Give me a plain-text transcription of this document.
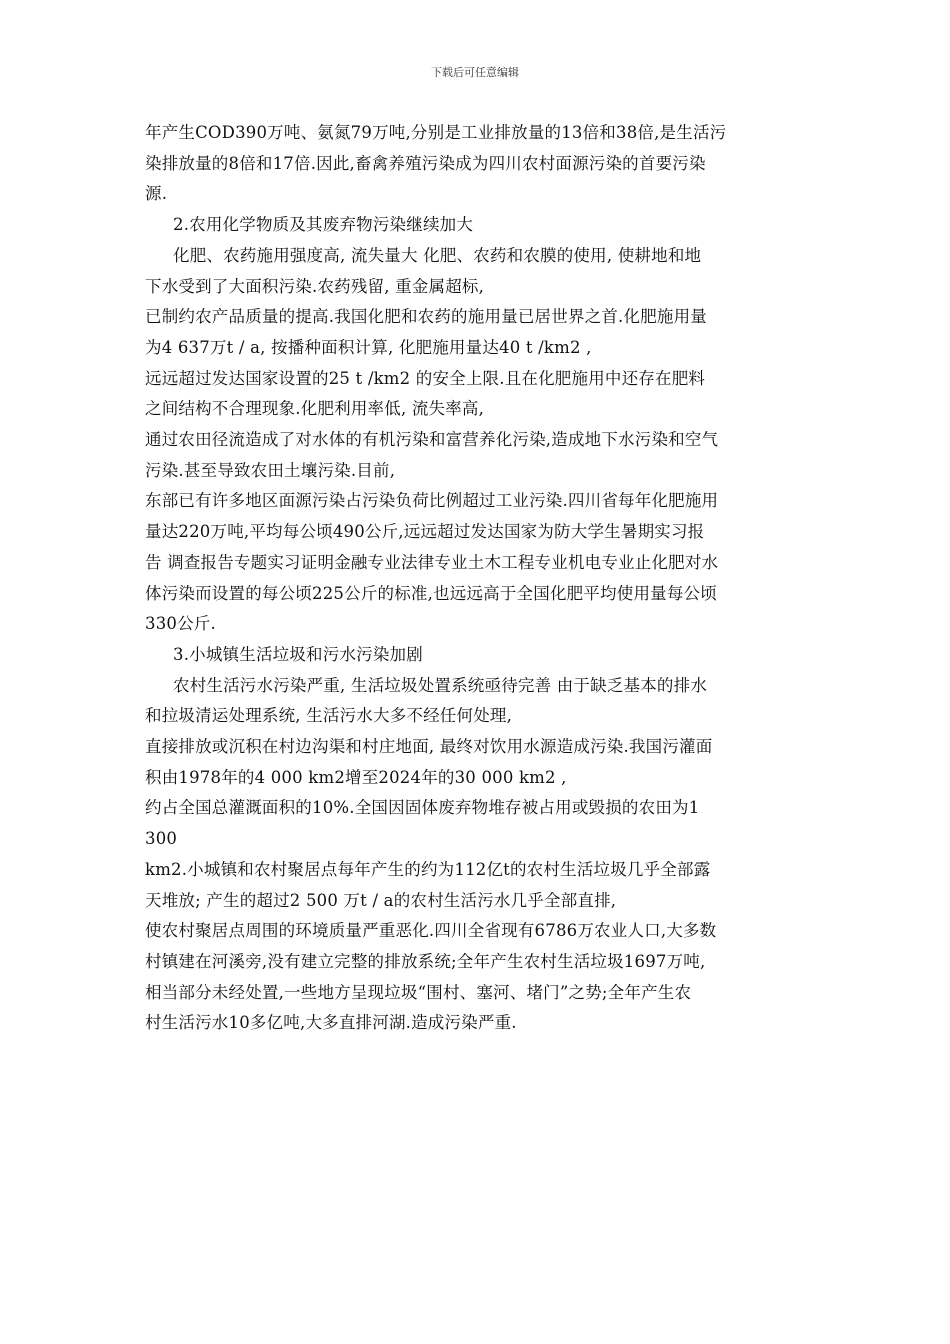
下载后可任意编辑

年产生COD390万吨、氨氮79万吨,分别是工业排放量的13倍和38倍,是生活污

染排放量的8倍和17倍.因此,畜禽养殖污染成为四川农村面源污染的首要污染

源.

2.农用化学物质及其废弃物污染继续加大

化肥、农药施用强度高, 流失量大 化肥、农药和农膜的使用, 使耕地和地

下水受到了大面积污染.农药残留, 重金属超标,

已制约农产品质量的提高.我国化肥和农药的施用量已居世界之首.化肥施用量

为4 637万t / a, 按播种面积计算, 化肥施用量达40 t /km2 ,

远远超过发达国家设置的25 t /km2 的安全上限.且在化肥施用中还存在肥料

之间结构不合理现象.化肥利用率低, 流失率高,

通过农田径流造成了对水体的有机污染和富营养化污染,造成地下水污染和空气

污染.甚至导致农田土壤污染.目前,

东部已有许多地区面源污染占污染负荷比例超过工业污染.四川省每年化肥施用

量达220万吨,平均每公顷490公斤,远远超过发达国家为防大学生暑期实习报

告 调查报告专题实习证明金融专业法律专业土木工程专业机电专业止化肥对水

体污染而设置的每公顷225公斤的标准,也远远高于全国化肥平均使用量每公顷

330公斤.

3.小城镇生活垃圾和污水污染加剧

农村生活污水污染严重, 生活垃圾处置系统亟待完善 由于缺乏基本的排水

和拉圾清运处理系统, 生活污水大多不经任何处理,

直接排放或沉积在村边沟渠和村庄地面, 最终对饮用水源造成污染.我国污灌面

积由1978年的4 000 km2增至2024年的30 000 km2 ,

约占全国总灌溉面积的10%.全国因固体废弃物堆存被占用或毁损的农田为1

300

km2.小城镇和农村聚居点每年产生的约为112亿t的农村生活垃圾几乎全部露

天堆放; 产生的超过2 500 万t / a的农村生活污水几乎全部直排,

使农村聚居点周围的环境质量严重恶化.四川全省现有6786万农业人口,大多数

村镇建在河溪旁,没有建立完整的排放系统;全年产生农村生活垃圾1697万吨,

相当部分未经处置,一些地方呈现垃圾“围村、塞河、堵门”之势;全年产生农

村生活污水10多亿吨,大多直排河湖.造成污染严重.
